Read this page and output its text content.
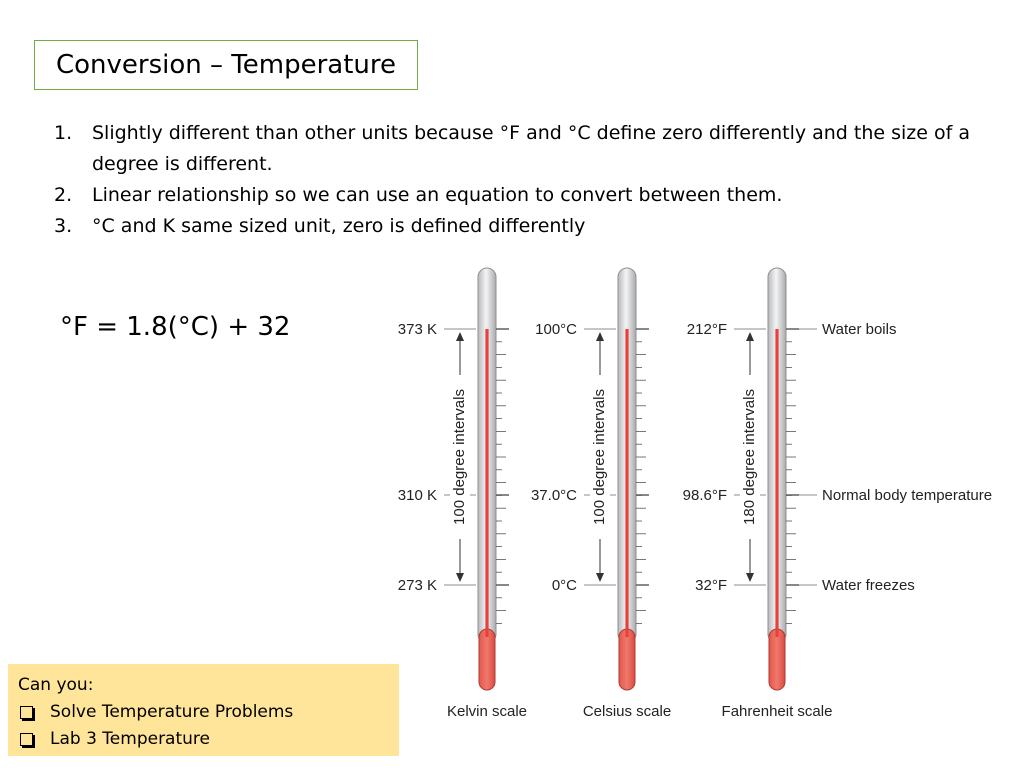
Conversion – Temperature
1. Slightly different than other units because °F and °C define zero differently and the size of a degree is different.
2. Linear relationship so we can use an equation to convert between them.
3. °C and K same sized unit, zero is defined differently
°F = 1.8(°C) + 32	373 K
310 K
273 K
100 degree intervals
Kelvin scale
100°C
37.0°C
0°C
100 degree intervals
Celsius scale
212°F
98.6°F
32°F
180 degree intervals
Fahrenheit scale
Water boils
Normal body temperature
Water freezes
Can you:
Solve Temperature Problems
Lab 3 Temperature
